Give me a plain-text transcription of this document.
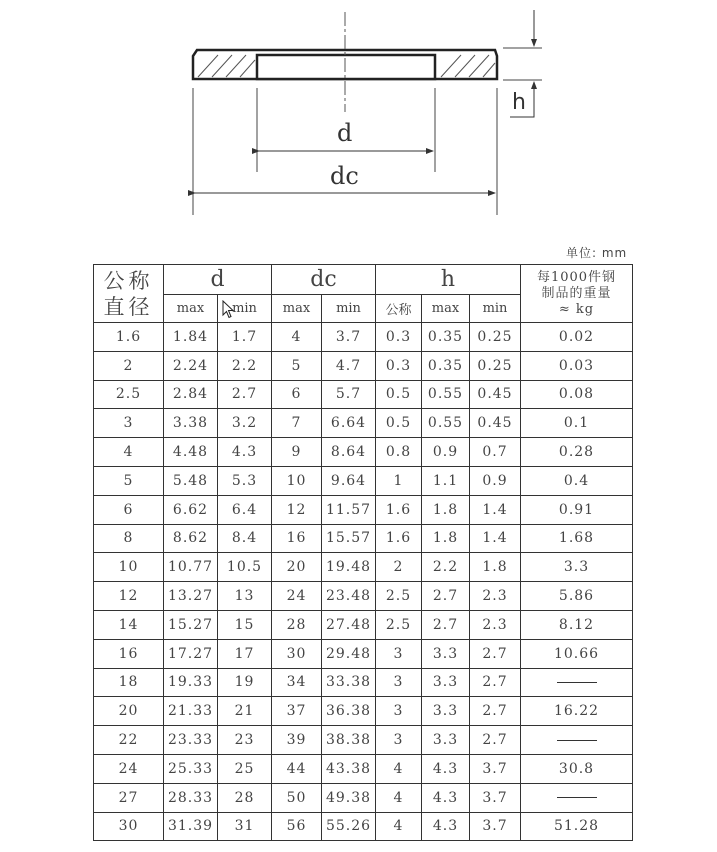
d
dc
h
单位: mm
公称
直径
	d	dc	h	每1000件钢
制品的重量
≈ kg

	max	min	max	min	公称	max	min	
1.6	1.84	1.7	4	3.7	0.3	0.35	0.25	0.02
2	2.24	2.2	5	4.7	0.3	0.35	0.25	0.03
2.5	2.84	2.7	6	5.7	0.5	0.55	0.45	0.08
3	3.38	3.2	7	6.64	0.5	0.55	0.45	0.1
4	4.48	4.3	9	8.64	0.8	0.9	0.7	0.28
5	5.48	5.3	10	9.64	1	1.1	0.9	0.4
6	6.62	6.4	12	11.57	1.6	1.8	1.4	0.91
8	8.62	8.4	16	15.57	1.6	1.8	1.4	1.68
10	10.77	10.5	20	19.48	2	2.2	1.8	3.3
12	13.27	13	24	23.48	2.5	2.7	2.3	5.86
14	15.27	15	28	27.48	2.5	2.7	2.3	8.12
16	17.27	17	30	29.48	3	3.3	2.7	10.66
18	19.33	19	34	33.38	3	3.3	2.7	
20	21.33	21	37	36.38	3	3.3	2.7	16.22
22	23.33	23	39	38.38	3	3.3	2.7	
24	25.33	25	44	43.38	4	4.3	3.7	30.8
27	28.33	28	50	49.38	4	4.3	3.7	
30	31.39	31	56	55.26	4	4.3	3.7	51.28
